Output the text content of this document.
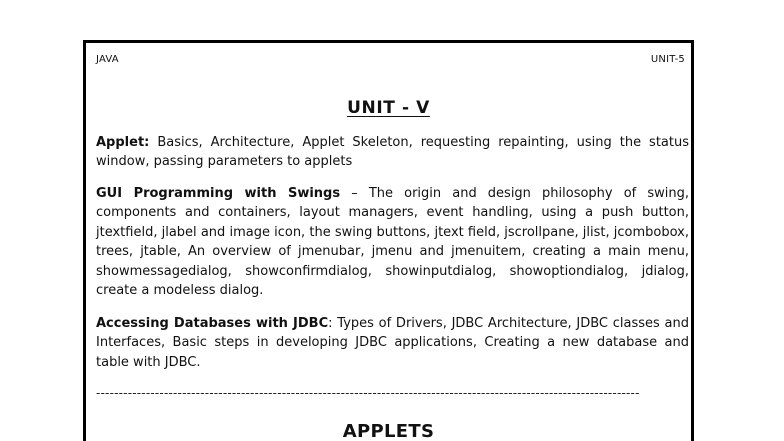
JAVA	UNIT-5
UNIT - V
Applet: Basics, Architecture, Applet Skeleton, requesting repainting, using the status window, passing parameters to applets
GUI Programming with Swings – The origin and design philosophy of swing, components and containers, layout managers, event handling, using a push button, jtextfield, jlabel and image icon, the swing buttons, jtext field, jscrollpane, jlist, jcombobox, trees, jtable, An overview of jmenubar, jmenu and jmenuitem, creating a main menu, showmessagedialog, showconfirmdialog, showinputdialog, showoptiondialog, jdialog, create a modeless dialog.
Accessing Databases with JDBC: Types of Drivers, JDBC Architecture, JDBC classes and Interfaces, Basic steps in developing JDBC applications, Creating a new database and table with JDBC.
------------------------------------------------------------------------------------------------------------------------
APPLETS
